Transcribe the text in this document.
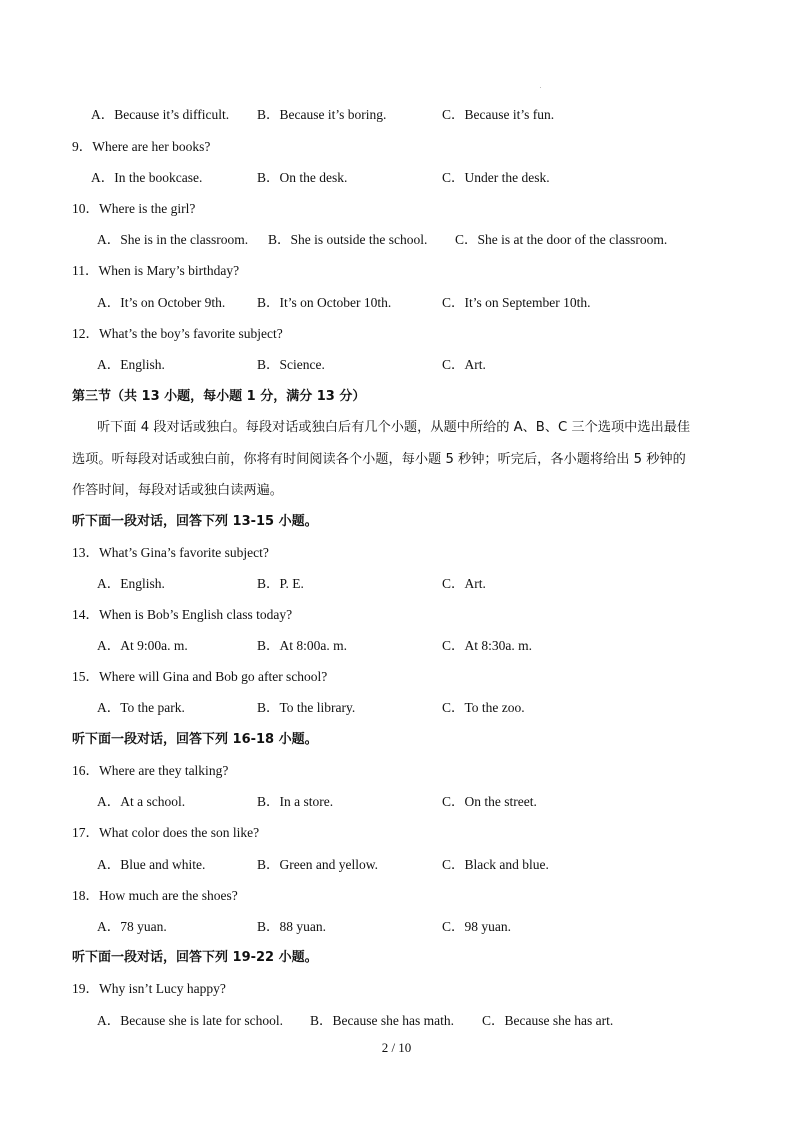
A．Because it’s difficult. B．Because it’s boring.	C．Because it’s fun.
9．Where are her books?
A．In the bookcase.	B．On the desk.	C．Under the desk.
10．Where is the girl?
A．She is in the classroom. B．She is outside the school. C．She is at the door of the classroom.
11．When is Mary’s birthday?
A．It’s on October 9th. B．It’s on October 10th.	C．It’s on September 10th.
12．What’s the boy’s favorite subject?
A．English.	B．Science.	C．Art.
第三节（共 13 小题，每小题 1 分，满分 13 分）
听下面 4 段对话或独白。每段对话或独白后有几个小题，从题中所给的 A、B、C 三个选项中选出最佳
选项。听每段对话或独白前，你将有时间阅读各个小题，每小题 5 秒钟；听完后，各小题将给出 5 秒钟的
作答时间，每段对话或独白读两遍。
听下面一段对话，回答下列 13-15 小题。
13．What’s Gina’s favorite subject?
A．English.	B．P. E.	C．Art.
14．When is Bob’s English class today?
A．At 9:00a. m.	B．At 8:00a. m.	C．At 8:30a. m.
15．Where will Gina and Bob go after school?
A．To the park.	B．To the library.	C．To the zoo.
听下面一段对话，回答下列 16-18 小题。
16．Where are they talking?
A．At a school.	B．In a store.	C．On the street.
17．What color does the son like?
A．Blue and white.	B．Green and yellow.	C．Black and blue.
18．How much are the shoes?
A．78 yuan.	B．88 yuan.	C．98 yuan.
听下面一段对话，回答下列 19-22 小题。
19．Why isn’t Lucy happy?
A．Because she is late for school. B．Because she has math. C．Because she has art.
2 / 10
